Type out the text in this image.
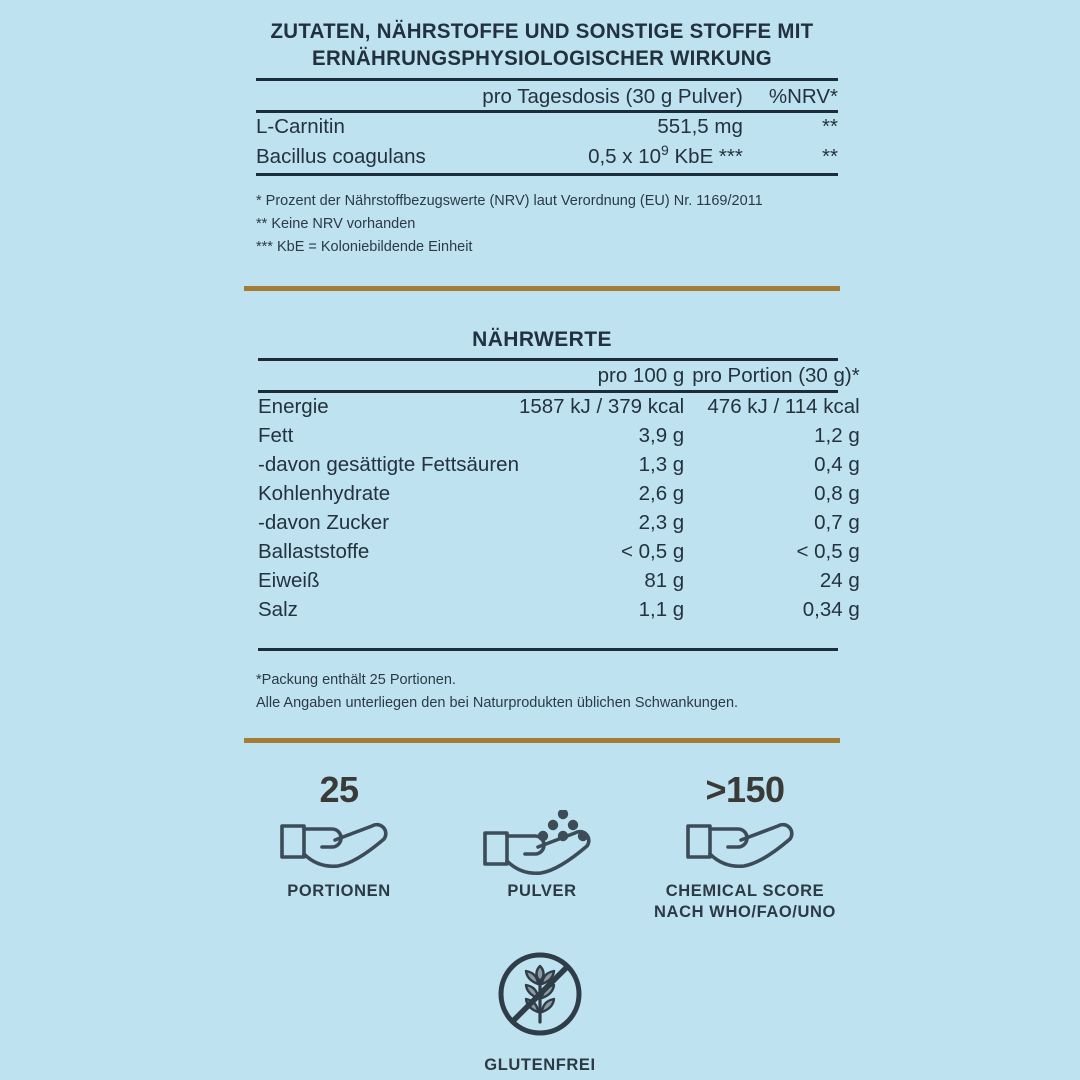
ZUTATEN, NÄHRSTOFFE UND SONSTIGE STOFFE MIT
ERNÄHRUNGSPHYSIOLOGISCHER WIRKUNG
	pro Tagesdosis (30 g Pulver)	%NRV*
L-Carnitin	551,5 mg	**
Bacillus coagulans	0,5 x $10^9$ KbE ***	**
* Prozent der Nährstoffbezugswerte (NRV) laut Verordnung (EU) Nr. 1169/2011
** Keine NRV vorhanden
*** KbE = Koloniebildende Einheit
NÄHRWERTE
	pro 100 g	pro Portion (30 g)*
Energie	1587 kJ / 379 kcal	476 kJ / 114 kcal
Fett	3,9 g	1,2 g
-davon gesättigte Fettsäuren	1,3 g	0,4 g
Kohlenhydrate	2,6 g	0,8 g
-davon Zucker	2,3 g	0,7 g
Ballaststoffe	< 0,5 g	< 0,5 g
Eiweiß	81 g	24 g
Salz	1,1 g	0,34 g
*Packung enthält 25 Portionen.
Alle Angaben unterliegen den bei Naturprodukten üblichen Schwankungen.
25
PORTIONEN	PULVER
>150
CHEMICAL SCORE
NACH WHO/FAO/UNO
GLUTENFREI
